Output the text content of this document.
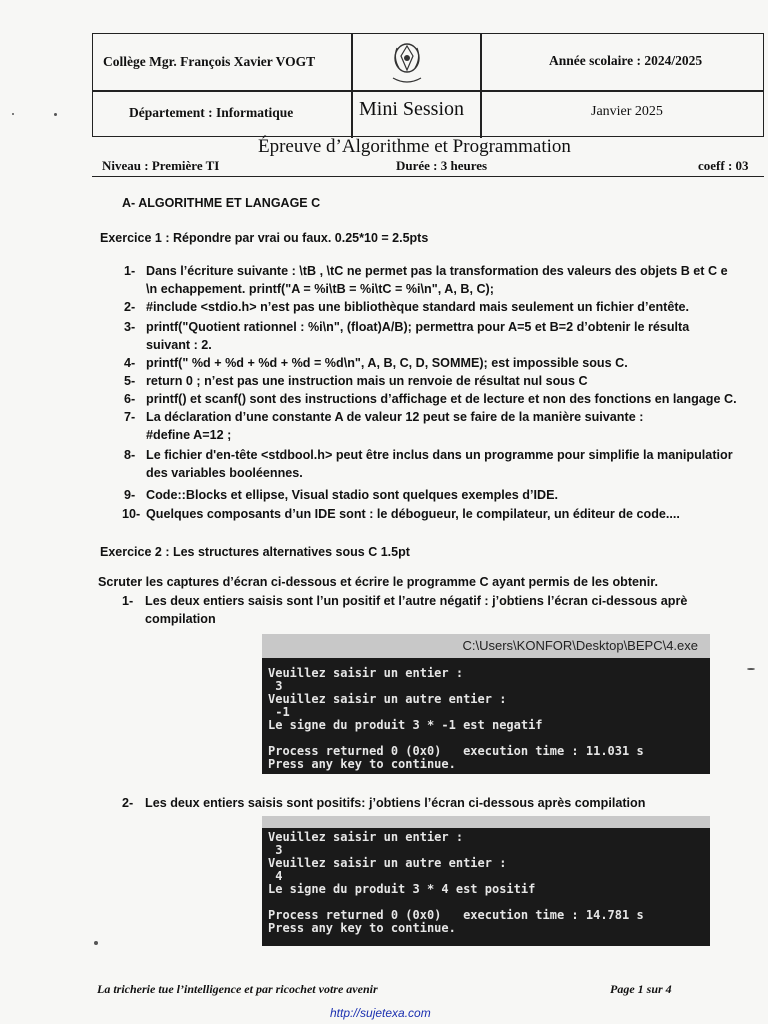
Collège Mgr. François Xavier VOGT	Année scolaire : 2024/2025
Département : Informatique	Mini Session	Janvier 2025
Épreuve d’Algorithme et Programmation
Niveau : Première TI	Durée : 3 heures	coeff : 03
A- ALGORITHME ET LANGAGE C
Exercice 1 : Répondre par vrai ou faux. 0.25*10 = 2.5pts
1- Dans l’écriture suivante : \tB , \tC ne permet pas la transformation des valeurs des objets B et C e
\n echappement. printf("A = %i\tB = %i\tC = %i\n", A, B, C);
2- #include <stdio.h> n’est pas une bibliothèque standard mais seulement un fichier d’entête.
3- printf("Quotient rationnel : %i\n", (float)A/B); permettra pour A=5 et B=2 d’obtenir le résulta
suivant : 2.
4- printf(" %d + %d + %d + %d = %d\n", A, B, C, D, SOMME); est impossible sous C.
5- return 0 ; n’est pas une instruction mais un renvoie de résultat nul sous C
6- printf() et scanf() sont des instructions d’affichage et de lecture et non des fonctions en langage C.
7- La déclaration d’une constante A de valeur 12 peut se faire de la manière suivante :
#define A=12 ;
8- Le fichier d'en-tête <stdbool.h> peut être inclus dans un programme pour simplifie la manipulatior
des variables booléennes.
9- Code::Blocks et ellipse, Visual stadio sont quelques exemples d’IDE.
10- Quelques composants d’un IDE sont : le débogueur, le compilateur, un éditeur de code....
Exercice 2 : Les structures alternatives sous C 1.5pt
Scruter les captures d’écran ci-dessous et écrire le programme C ayant permis de les obtenir.
1- Les deux entiers saisis sont l’un positif et l’autre négatif : j’obtiens l’écran ci-dessous aprè
compilation
C:\Users\KONFOR\Desktop\BEPC\4.exe
Veuillez saisir un entier :
3
Veuillez saisir un autre entier :
-1
Le signe du produit 3 * -1 est negatif
Process returned 0 (0x0)   execution time : 11.031 s
Press any key to continue.
2- Les deux entiers saisis sont positifs: j’obtiens l’écran ci-dessous après compilation
Veuillez saisir un entier :
3
Veuillez saisir un autre entier :
4
Le signe du produit 3 * 4 est positif
Process returned 0 (0x0)   execution time : 14.781 s
Press any key to continue.
La tricherie tue l’intelligence et par ricochet votre avenir	Page 1 sur 4
http://sujetexa.com
